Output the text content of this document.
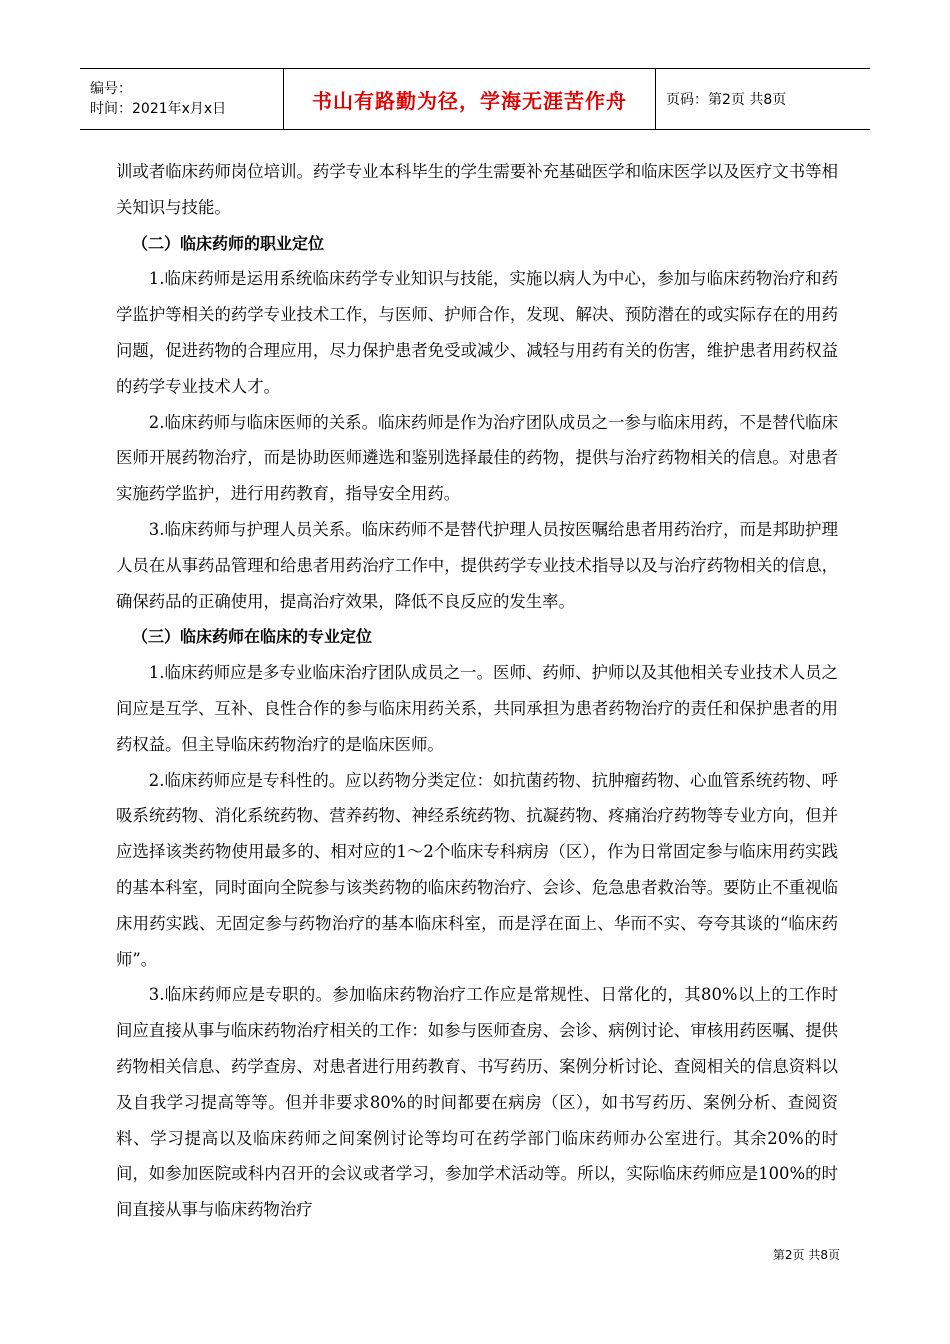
编号：
时间：2021年x月x日	书山有路勤为径，学海无涯苦作舟	页码：第2页 共8页

训或者临床药师岗位培训。药学专业本科毕生的学生需要补充基础医学和临床医学以及医疗文书等相关知识与技能。

（二）临床药师的职业定位

1.临床药师是运用系统临床药学专业知识与技能，实施以病人为中心，参加与临床药物治疗和药学监护等相关的药学专业技术工作，与医师、护师合作，发现、解决、预防潜在的或实际存在的用药问题，促进药物的合理应用，尽力保护患者免受或减少、减轻与用药有关的伤害，维护患者用药权益的药学专业技术人才。

2.临床药师与临床医师的关系。临床药师是作为治疗团队成员之一参与临床用药，不是替代临床医师开展药物治疗，而是协助医师遴选和鉴别选择最佳的药物，提供与治疗药物相关的信息。对患者实施药学监护，进行用药教育，指导安全用药。

3.临床药师与护理人员关系。临床药师不是替代护理人员按医嘱给患者用药治疗，而是邦助护理人员在从事药品管理和给患者用药治疗工作中，提供药学专业技术指导以及与治疗药物相关的信息，确保药品的正确使用，提高治疗效果，降低不良反应的发生率。

（三）临床药师在临床的专业定位

1.临床药师应是多专业临床治疗团队成员之一。医师、药师、护师以及其他相关专业技术人员之间应是互学、互补、良性合作的参与临床用药关系，共同承担为患者药物治疗的责任和保护患者的用药权益。但主导临床药物治疗的是临床医师。

2.临床药师应是专科性的。应以药物分类定位：如抗菌药物、抗肿瘤药物、心血管系统药物、呼吸系统药物、消化系统药物、营养药物、神经系统药物、抗凝药物、疼痛治疗药物等专业方向，但并应选择该类药物使用最多的、相对应的1～2个临床专科病房（区），作为日常固定参与临床用药实践的基本科室，同时面向全院参与该类药物的临床药物治疗、会诊、危急患者救治等。要防止不重视临床用药实践、无固定参与药物治疗的基本临床科室，而是浮在面上、华而不实、夸夸其谈的“临床药师”。

3.临床药师应是专职的。参加临床药物治疗工作应是常规性、日常化的，其80%以上的工作时间应直接从事与临床药物治疗相关的工作：如参与医师查房、会诊、病例讨论、审核用药医嘱、提供药物相关信息、药学查房、对患者进行用药教育、书写药历、案例分析讨论、查阅相关的信息资料以及自我学习提高等等。但并非要求80%的时间都要在病房（区），如书写药历、案例分析、查阅资料、学习提高以及临床药师之间案例讨论等均可在药学部门临床药师办公室进行。其余20%的时间，如参加医院或科内召开的会议或者学习，参加学术活动等。所以，实际临床药师应是100%的时间直接从事与临床药物治疗

第2页 共8页
